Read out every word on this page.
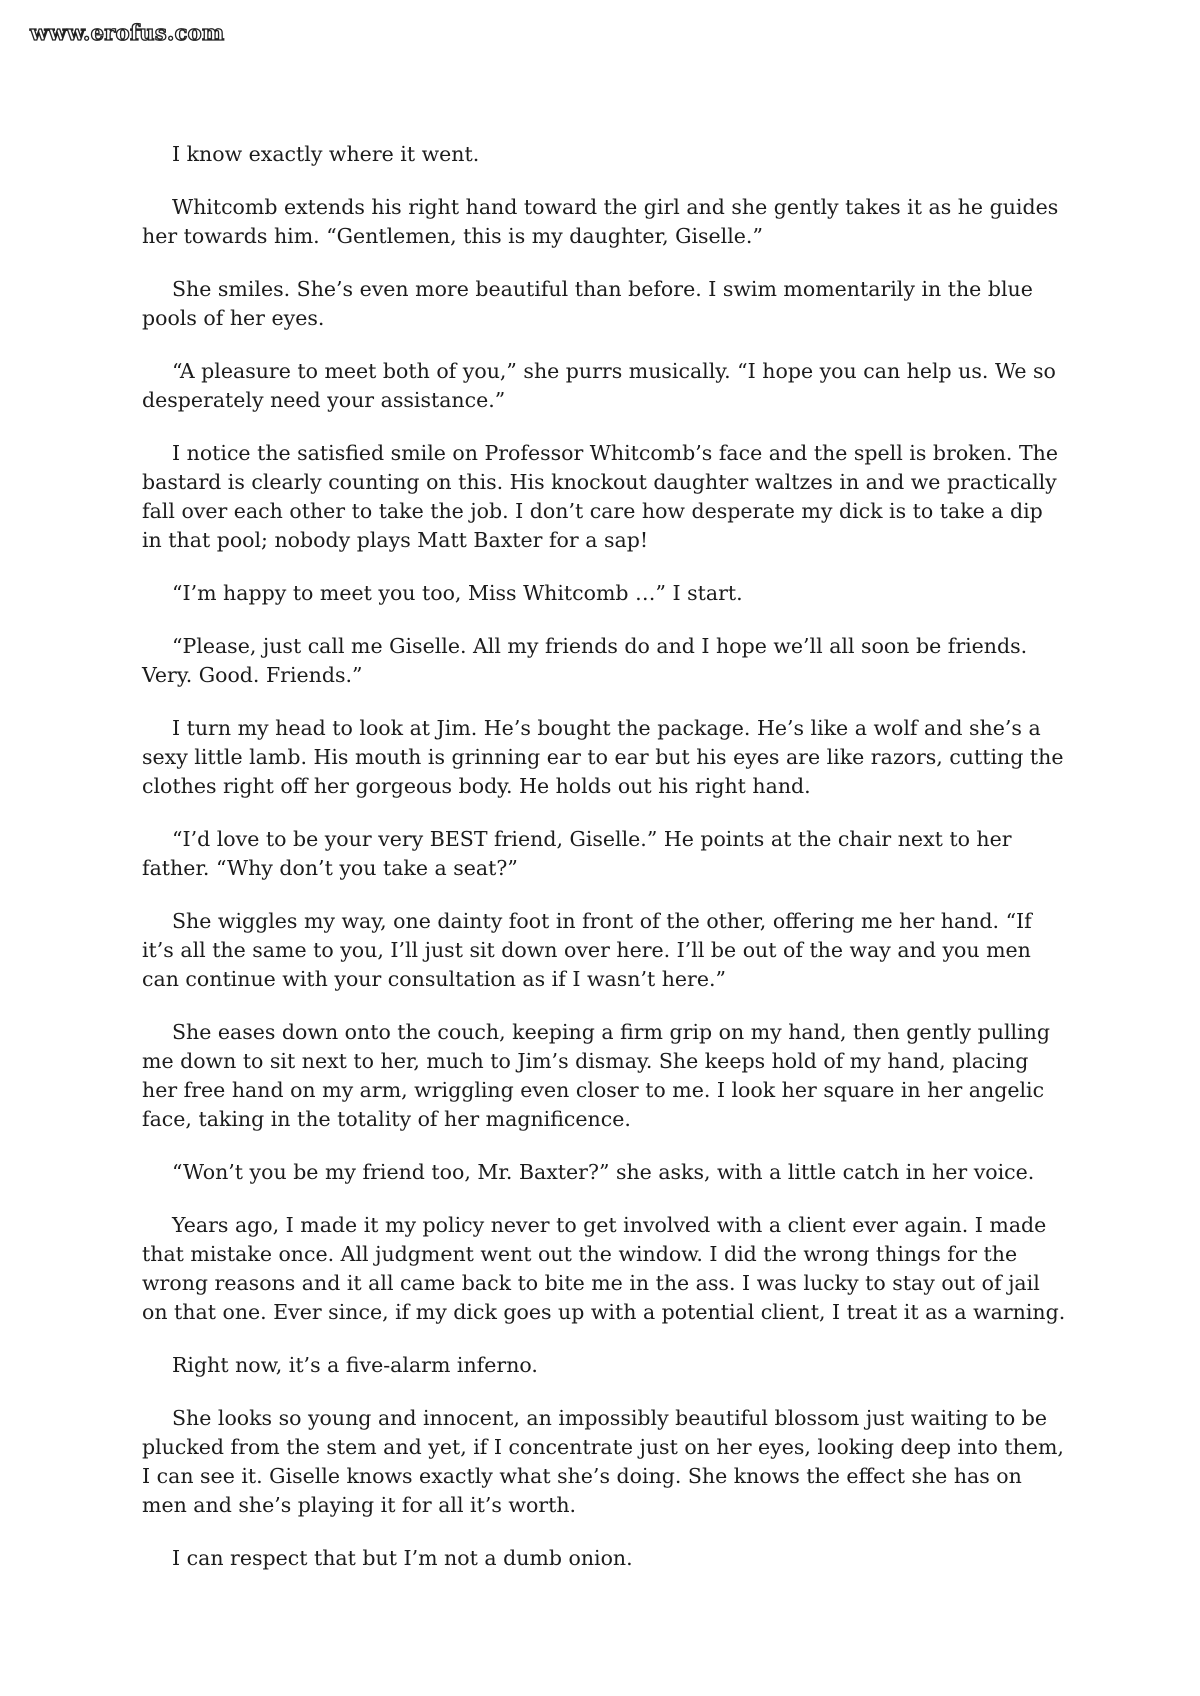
www.erofus.com

I know exactly where it went.

Whitcomb extends his right hand toward the girl and she gently takes it as he guides her towards him. “Gentlemen, this is my daughter, Giselle.”

She smiles. She’s even more beautiful than before. I swim momentarily in the blue pools of her eyes.

“A pleasure to meet both of you,” she purrs musically. “I hope you can help us. We so desperately need your assistance.”

I notice the satisfied smile on Professor Whitcomb’s face and the spell is broken. The bastard is clearly counting on this. His knockout daughter waltzes in and we practically fall over each other to take the job. I don’t care how desperate my dick is to take a dip in that pool; nobody plays Matt Baxter for a sap!

“I’m happy to meet you too, Miss Whitcomb …” I start.

“Please, just call me Giselle. All my friends do and I hope we’ll all soon be friends. Very. Good. Friends.”

I turn my head to look at Jim. He’s bought the package. He’s like a wolf and she’s a sexy little lamb. His mouth is grinning ear to ear but his eyes are like razors, cutting the clothes right off her gorgeous body. He holds out his right hand.

“I’d love to be your very BEST friend, Giselle.” He points at the chair next to her father. “Why don’t you take a seat?”

She wiggles my way, one dainty foot in front of the other, offering me her hand. “If it’s all the same to you, I’ll just sit down over here. I’ll be out of the way and you men can continue with your consultation as if I wasn’t here.”

She eases down onto the couch, keeping a firm grip on my hand, then gently pulling me down to sit next to her, much to Jim’s dismay. She keeps hold of my hand, placing her free hand on my arm, wriggling even closer to me. I look her square in her angelic face, taking in the totality of her magnificence.

“Won’t you be my friend too, Mr. Baxter?” she asks, with a little catch in her voice.

Years ago, I made it my policy never to get involved with a client ever again. I made that mistake once. All judgment went out the window. I did the wrong things for the wrong reasons and it all came back to bite me in the ass. I was lucky to stay out of jail on that one. Ever since, if my dick goes up with a potential client, I treat it as a warning.

Right now, it’s a five-alarm inferno.

She looks so young and innocent, an impossibly beautiful blossom just waiting to be plucked from the stem and yet, if I concentrate just on her eyes, looking deep into them, I can see it. Giselle knows exactly what she’s doing. She knows the effect she has on men and she’s playing it for all it’s worth.

I can respect that but I’m not a dumb onion.
